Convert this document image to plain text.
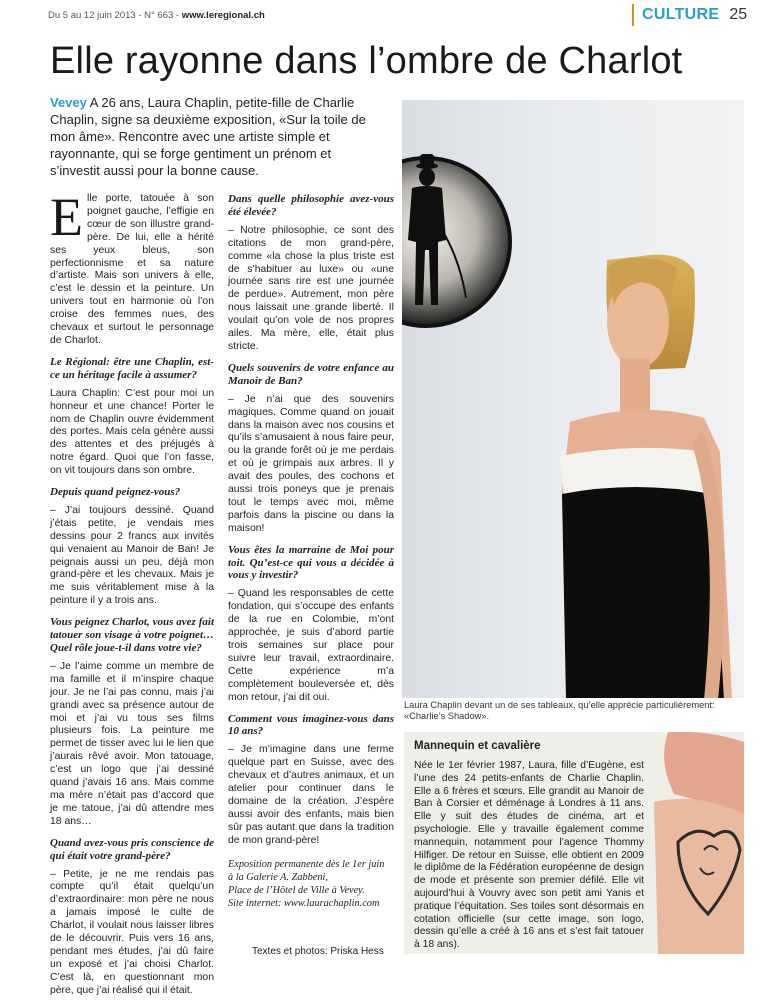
Du 5 au 12 juin 2013 - N° 663 - www.leregional.ch	CULTURE 25
Elle rayonne dans l’ombre de Charlot
Vevey A 26 ans, Laura Chaplin, petite-fille de Charlie Chaplin, signe sa deuxième exposition, «Sur la toile de mon âme». Rencontre avec une artiste simple et rayonnante, qui se forge gentiment un prénom et s’investit aussi pour la bonne cause.

Elle porte, tatouée à son poignet gauche, l’effigie en cœur de son illustre grand-père. De lui, elle a hérité ses yeux bleus, son perfectionnisme et sa nature d’artiste. Mais son univers à elle, c’est le dessin et la peinture. Un univers tout en harmonie où l’on croise des femmes nues, des chevaux et surtout le personnage de Charlot.

Le Régional: être une Chaplin, est-ce un héritage facile à assumer?

Laura Chaplin: C’est pour moi un honneur et une chance! Porter le nom de Chaplin ouvre évidemment des portes. Mais cela génère aussi des attentes et des préjugés à notre égard. Quoi que l’on fasse, on vit toujours dans son ombre.

Depuis quand peignez-vous?

– J’ai toujours dessiné. Quand j’étais petite, je vendais mes dessins pour 2 francs aux invités qui venaient au Manoir de Ban! Je peignais aussi un peu, déjà mon grand-père et les chevaux. Mais je me suis véritablement mise à la peinture il y a trois ans.

Vous peignez Charlot, vous avez fait tatouer son visage à votre poignet… Quel rôle joue-t-il dans votre vie?

– Je l’aime comme un membre de ma famille et il m’inspire chaque jour. Je ne l’ai pas connu, mais j’ai grandi avec sa présence autour de moi et j’ai vu tous ses films plusieurs fois. La peinture me permet de tisser avec lui le lien que j’aurais rêvé avoir. Mon tatouage, c’est un logo que j’ai dessiné quand j’avais 16 ans. Mais comme ma mère n’était pas d’accord que je me tatoue, j’ai dû attendre mes 18 ans…

Quand avez-vous pris conscience de qui était votre grand-père?

– Petite, je ne me rendais pas compte qu’il était quelqu’un d’extraordinaire: mon père ne nous a jamais imposé le culte de Charlot, il voulait nous laisser libres de le découvrir. Puis vers 16 ans, pendant mes études, j’ai dû faire un exposé et j’ai choisi Charlot. C’est là, en questionnant mon père, que j’ai réalisé qui il était.

Dans quelle philosophie avez-vous été élevée?

– Notre philosophie, ce sont des citations de mon grand-père, comme «la chose la plus triste est de s’habituer au luxe» ou «une journée sans rire est une journée de perdue». Autrement, mon père nous laissait une grande liberté. Il voulait qu’on vole de nos propres ailes. Ma mère, elle, était plus stricte.

Quels souvenirs de votre enfance au Manoir de Ban?

– Je n’ai que des souvenirs magiques. Comme quand on jouait dans la maison avec nos cousins et qu’ils s’amusaient à nous faire peur, ou la grande forêt où je me perdais et où je grimpais aux arbres. Il y avait des poules, des cochons et aussi trois poneys que je prenais tout le temps avec moi, même parfois dans la piscine ou dans la maison!

Vous êtes la marraine de Moi pour toit. Qu’est-ce qui vous a décidée à vous y investir?

– Quand les responsables de cette fondation, qui s’occupe des enfants de la rue en Colombie, m’ont approchée, je suis d’abord partie trois semaines sur place pour suivre leur travail, extraordinaire. Cette expérience m’a complètement bouleversée et, dès mon retour, j’ai dit oui.

Comment vous imaginez-vous dans 10 ans?

– Je m’imagine dans une ferme quelque part en Suisse, avec des chevaux et d’autres animaux, et un atelier pour continuer dans le domaine de la création. J’espère aussi avoir des enfants, mais bien sûr pas autant que dans la tradition de mon grand-père!

Exposition permanente dès le 1er juin
à la Galerie A. Zabbeni,
Place de l’Hôtel de Ville à Vevey.
Site internet: www.laurachaplin.com
Laura Chaplin devant un de ses tableaux, qu’elle apprécie particulièrement: «Charlie’s Shadow».
Mannequin et cavalière
Née le 1er février 1987, Laura, fille d’Eugène, est l’une des 24 petits-enfants de Charlie Chaplin. Elle a 6 frères et sœurs. Elle grandit au Manoir de Ban à Corsier et déménage à Londres à 11 ans. Elle y suit des études de cinéma, art et psychologie. Elle y travaille également comme mannequin, notamment pour l’agence Thommy Hilfiger. De retour en Suisse, elle obtient en 2009 le diplôme de la Fédération européenne de design de mode et présente son premier défilé. Elle vit aujourd’hui à Vouvry avec son petit ami Yanis et pratique l’équitation. Ses toiles sont désormais en cotation officielle (sur cette image, son logo, dessin qu’elle a créé à 16 ans et s’est fait tatouer à 18 ans).
Textes et photos: Priska Hess
